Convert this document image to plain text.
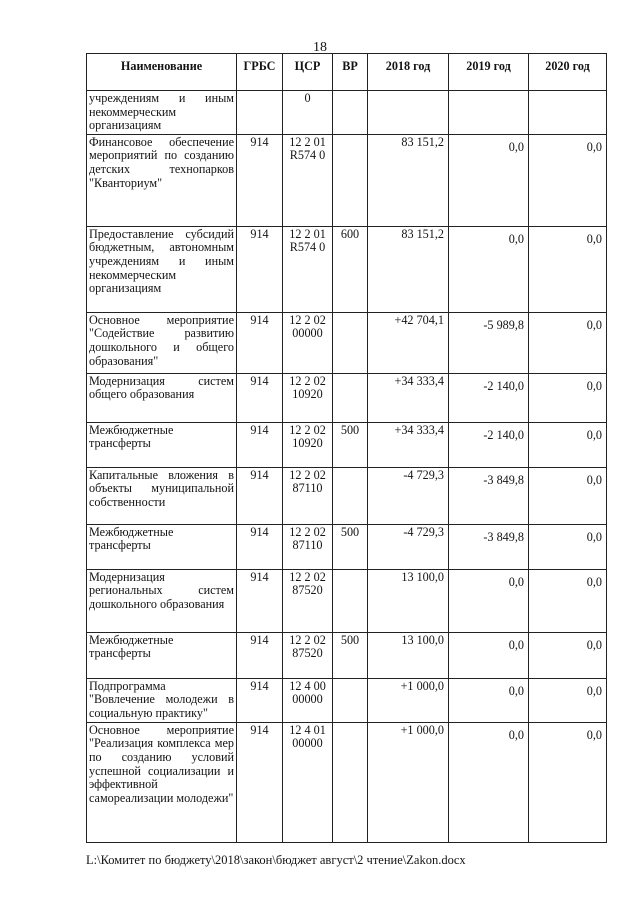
18
Наименование	ГРБС	ЦСР	ВР	2018 год	2019 год	2020 год
учреждениям и иным некоммерческим организациям		0				
Финансовое обеспечение мероприятий по созданию детских технопарков "Кванториум"	914	12 2 01 R574 0		83 151,2	0,0	0,0
Предоставление субсидий бюджетным, автономным учреждениям и иным некоммерческим организациям	914	12 2 01 R574 0	600	83 151,2	0,0	0,0
Основное мероприятие "Содействие развитию дошкольного и общего образования"	914	12 2 02 00000		+42 704,1	-5 989,8	0,0
Модернизация систем общего образования	914	12 2 02 10920		+34 333,4	-2 140,0	0,0
Межбюджетные трансферты	914	12 2 02 10920	500	+34 333,4	-2 140,0	0,0
Капитальные вложения в объекты муниципальной собственности	914	12 2 02 87110		-4 729,3	-3 849,8	0,0
Межбюджетные трансферты	914	12 2 02 87110	500	-4 729,3	-3 849,8	0,0
Модернизация региональных систем дошкольного образования	914	12 2 02 87520		13 100,0	0,0	0,0
Межбюджетные трансферты	914	12 2 02 87520	500	13 100,0	0,0	0,0
Подпрограмма "Вовлечение молодежи в социальную практику"	914	12 4 00 00000		+1 000,0	0,0	0,0
Основное мероприятие "Реализация комплекса мер по созданию условий успешной социализации и эффективной самореализации молодежи"	914	12 4 01 00000		+1 000,0	0,0	0,0
L:\Комитет по бюджету\2018\закон\бюджет август\2 чтение\Zakon.docx
